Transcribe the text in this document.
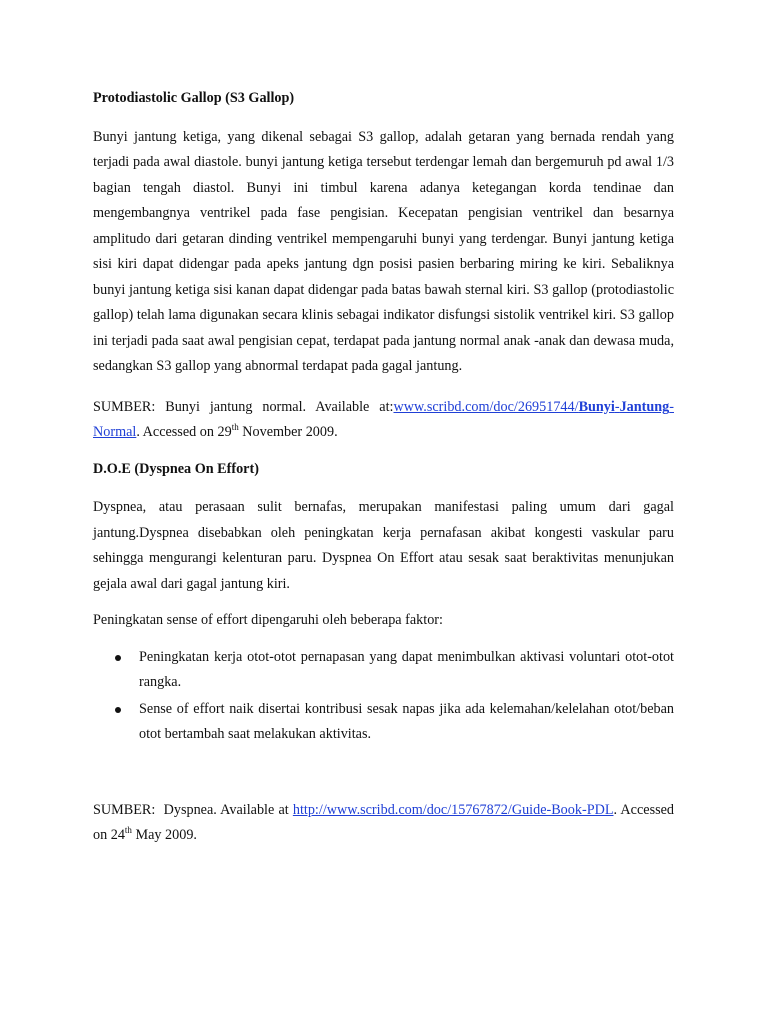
Protodiastolic Gallop (S3 Gallop)

Bunyi jantung ketiga, yang dikenal sebagai S3 gallop, adalah getaran yang bernada rendah yang terjadi pada awal diastole. bunyi jantung ketiga tersebut terdengar lemah dan bergemuruh pd awal 1/3 bagian tengah diastol. Bunyi ini timbul karena adanya ketegangan korda tendinae dan mengembangnya ventrikel pada fase pengisian. Kecepatan pengisian ventrikel dan besarnya amplitudo dari getaran dinding ventrikel mempengaruhi bunyi yang terdengar. Bunyi jantung ketiga sisi kiri dapat didengar pada apeks jantung dgn posisi pasien berbaring miring ke kiri. Sebaliknya bunyi jantung ketiga sisi kanan dapat didengar pada batas bawah sternal kiri. S3 gallop (protodiastolic gallop) telah lama digunakan secara klinis sebagai indikator disfungsi sistolik ventrikel kiri. S3 gallop ini terjadi pada saat awal pengisian cepat, terdapat pada jantung normal anak -anak dan dewasa muda, sedangkan S3 gallop yang abnormal terdapat pada gagal jantung.

SUMBER: Bunyi jantung normal. Available at:www.scribd.com/doc/26951744/Bunyi-Jantung-Normal. Accessed on 29th November 2009.

D.O.E (Dyspnea On Effort)

Dyspnea, atau perasaan sulit bernafas, merupakan manifestasi paling umum dari gagal jantung.Dyspnea disebabkan oleh peningkatan kerja pernafasan akibat kongesti vaskular paru sehingga mengurangi kelenturan paru. Dyspnea On Effort atau sesak saat beraktivitas menunjukan gejala awal dari gagal jantung kiri.

Peningkatan sense of effort dipengaruhi oleh beberapa faktor:

Peningkatan kerja otot-otot pernapasan yang dapat menimbulkan aktivasi voluntari otot-otot rangka.
Sense of effort naik disertai kontribusi sesak napas jika ada kelemahan/kelelahan otot/beban otot bertambah saat melakukan aktivitas.

SUMBER:  Dyspnea. Available at http://www.scribd.com/doc/15767872/Guide-Book-PDL. Accessed on 24th May 2009.
